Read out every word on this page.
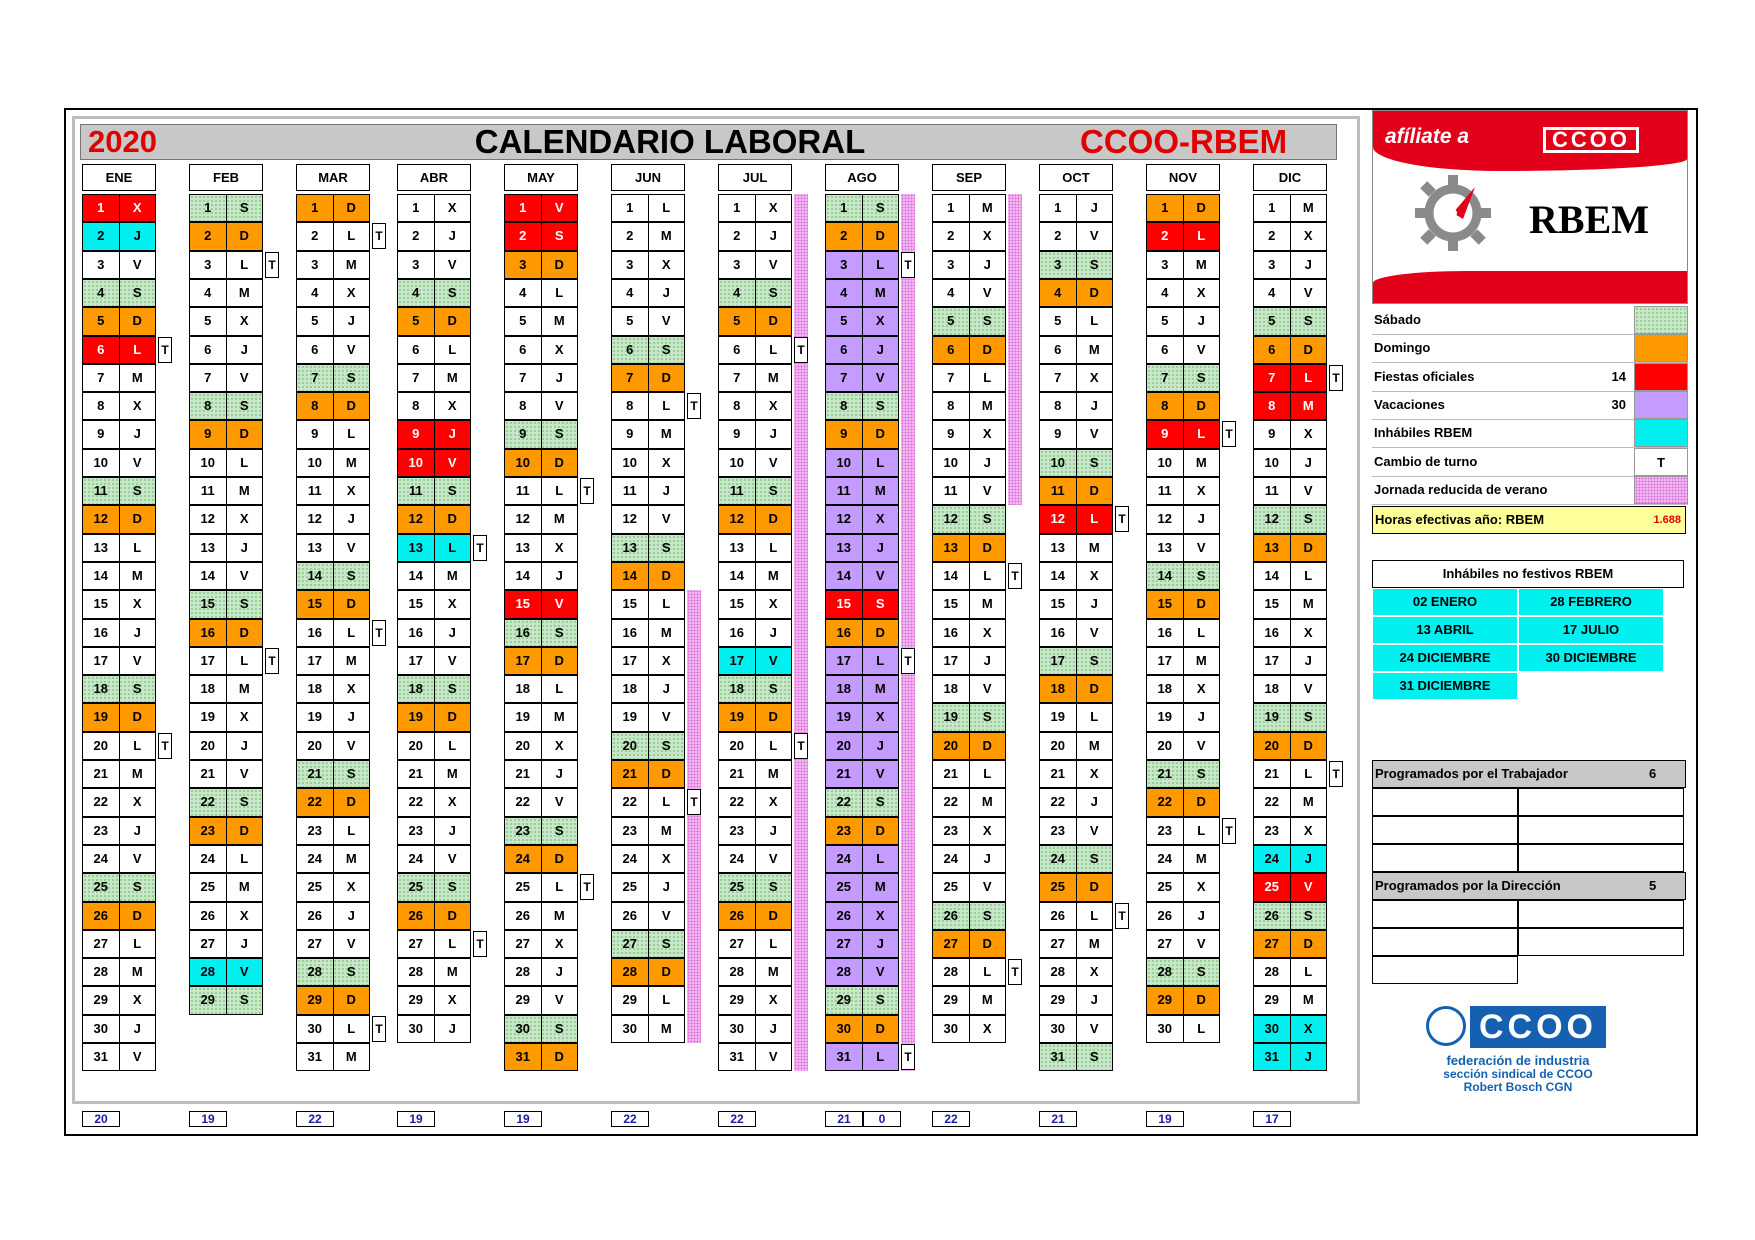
2020	CALENDARIO LABORAL	CCOO-RBEM
ENE
1	X
2	J
3	V
4	S
5	D
6	L	T
7	M
8	X
9	J
10	V
11	S
12	D
13	L
14	M
15	X
16	J
17	V
18	S
19	D
20	L	T
21	M
22	X
23	J
24	V
25	S
26	D
27	L
28	M
29	X
30	J
31	V
20
FEB
1	S
2	D
3	L	T
4	M
5	X
6	J
7	V
8	S
9	D
10	L
11	M
12	X
13	J
14	V
15	S
16	D
17	L	T
18	M
19	X
20	J
21	V
22	S
23	D
24	L
25	M
26	X
27	J
28	V
29	S
19
MAR
1	D
2	L	T
3	M
4	X
5	J
6	V
7	S
8	D
9	L
10	M
11	X
12	J
13	V
14	S
15	D
16	L	T
17	M
18	X
19	J
20	V
21	S
22	D
23	L
24	M
25	X
26	J
27	V
28	S
29	D
30	L	T
31	M
22
ABR
1	X
2	J
3	V
4	S
5	D
6	L
7	M
8	X
9	J
10	V
11	S
12	D
13	L	T
14	M
15	X
16	J
17	V
18	S
19	D
20	L
21	M
22	X
23	J
24	V
25	S
26	D
27	L	T
28	M
29	X
30	J
19
MAY
1	V
2	S
3	D
4	L
5	M
6	X
7	J
8	V
9	S
10	D
11	L	T
12	M
13	X
14	J
15	V
16	S
17	D
18	L
19	M
20	X
21	J
22	V
23	S
24	D
25	L	T
26	M
27	X
28	J
29	V
30	S
31	D
19
JUN
1	L
2	M
3	X
4	J
5	V
6	S
7	D
8	L	T
9	M
10	X
11	J
12	V
13	S
14	D
15	L
16	M
17	X
18	J
19	V
20	S
21	D
22	L	T
23	M
24	X
25	J
26	V
27	S
28	D
29	L
30	M
22
JUL
1	X
2	J
3	V
4	S
5	D
6	L	T
7	M
8	X
9	J
10	V
11	S
12	D
13	L
14	M
15	X
16	J
17	V
18	S
19	D
20	L	T
21	M
22	X
23	J
24	V
25	S
26	D
27	L
28	M
29	X
30	J
31	V
22
AGO
1	S
2	D
3	L	T
4	M
5	X
6	J
7	V
8	S
9	D
10	L
11	M
12	X
13	J
14	V
15	S
16	D
17	L	T
18	M
19	X
20	J
21	V
22	S
23	D
24	L
25	M
26	X
27	J
28	V
29	S
30	D
31	L	T
21	0
SEP
1	M
2	X
3	J
4	V
5	S
6	D
7	L
8	M
9	X
10	J
11	V
12	S
13	D
14	L	T
15	M
16	X
17	J
18	V
19	S
20	D
21	L
22	M
23	X
24	J
25	V
26	S
27	D
28	L	T
29	M
30	X
22
OCT
1	J
2	V
3	S
4	D
5	L
6	M
7	X
8	J
9	V
10	S
11	D
12	L	T
13	M
14	X
15	J
16	V
17	S
18	D
19	L
20	M
21	X
22	J
23	V
24	S
25	D
26	L	T
27	M
28	X
29	J
30	V
31	S
21
NOV
1	D
2	L
3	M
4	X
5	J
6	V
7	S
8	D
9	L	T
10	M
11	X
12	J
13	V
14	S
15	D
16	L
17	M
18	X
19	J
20	V
21	S
22	D
23	L	T
24	M
25	X
26	J
27	V
28	S
29	D
30	L
19
DIC
1	M
2	X
3	J
4	V
5	S
6	D
7	L	T
8	M
9	X
10	J
11	V
12	S
13	D
14	L
15	M
16	X
17	J
18	V
19	S
20	D
21	L	T
22	M
23	X
24	J
25	V
26	S
27	D
28	L
29	M
30	X
31	J
17
afíliate a	CCOO
RBEM
Sábado
Domingo
Fiestas oficiales	14
Vacaciones	30
Inhábiles RBEM
Cambio de turno	T
Jornada reducida de verano
Horas efectivas año: RBEM	1.688
Inhábiles no festivos RBEM
02 ENERO	28 FEBRERO
13 ABRIL	17 JULIO
24 DICIEMBRE	30 DICIEMBRE
31 DICIEMBRE
Programados por el Trabajador	6
Programados por la Dirección	5
CCOO
federación de industria
sección sindical de CCOO
Robert Bosch CGN
